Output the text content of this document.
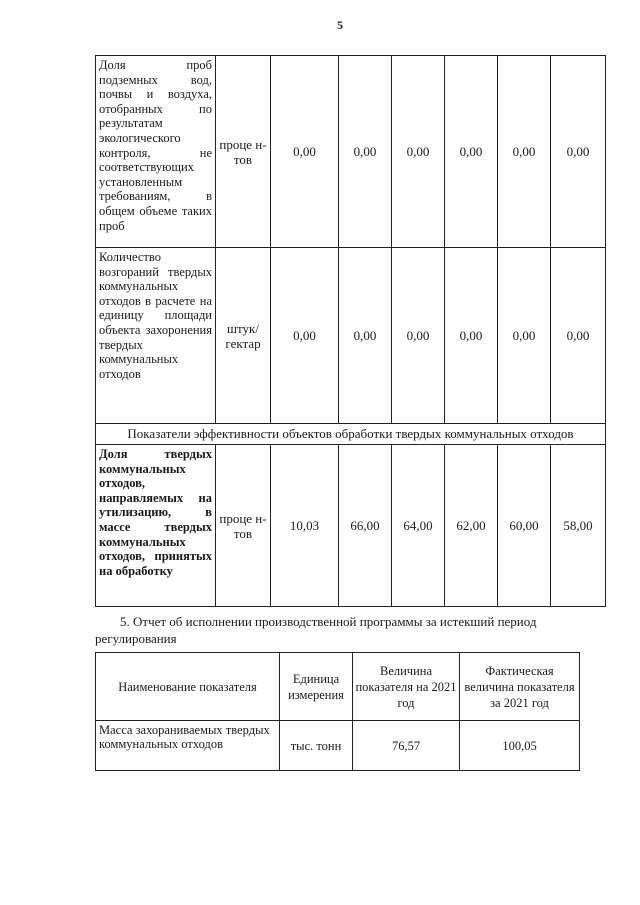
5
Доля проб подземных вод, почвы и воздуха, отобранных по результатам экологического контроля, не соответствующих установленным требованиям, в общем объеме таких проб	проце н-тов	0,00	0,00	0,00	0,00	0,00	0,00
Количество возгораний твердых коммунальных отходов в расчете на единицу площади объекта захоронения твердых коммунальных отходов	штук/ гектар	0,00	0,00	0,00	0,00	0,00	0,00
Показатели эффективности объектов обработки твердых коммунальных отходов							
Доля твердых коммунальных отходов, направляемых на утилизацию, в массе твердых коммунальных отходов, принятых на обработку	проце н-тов	10,03	66,00	64,00	62,00	60,00	58,00
5. Отчет об исполнении производственной программы за истекший период регулирования
Наименование показателя	Единица измерения	Величина показателя на 2021 год	Фактическая величина показателя за 2021 год
Масса захораниваемых твердых коммунальных отходов	тыс. тонн	76,57	100,05
